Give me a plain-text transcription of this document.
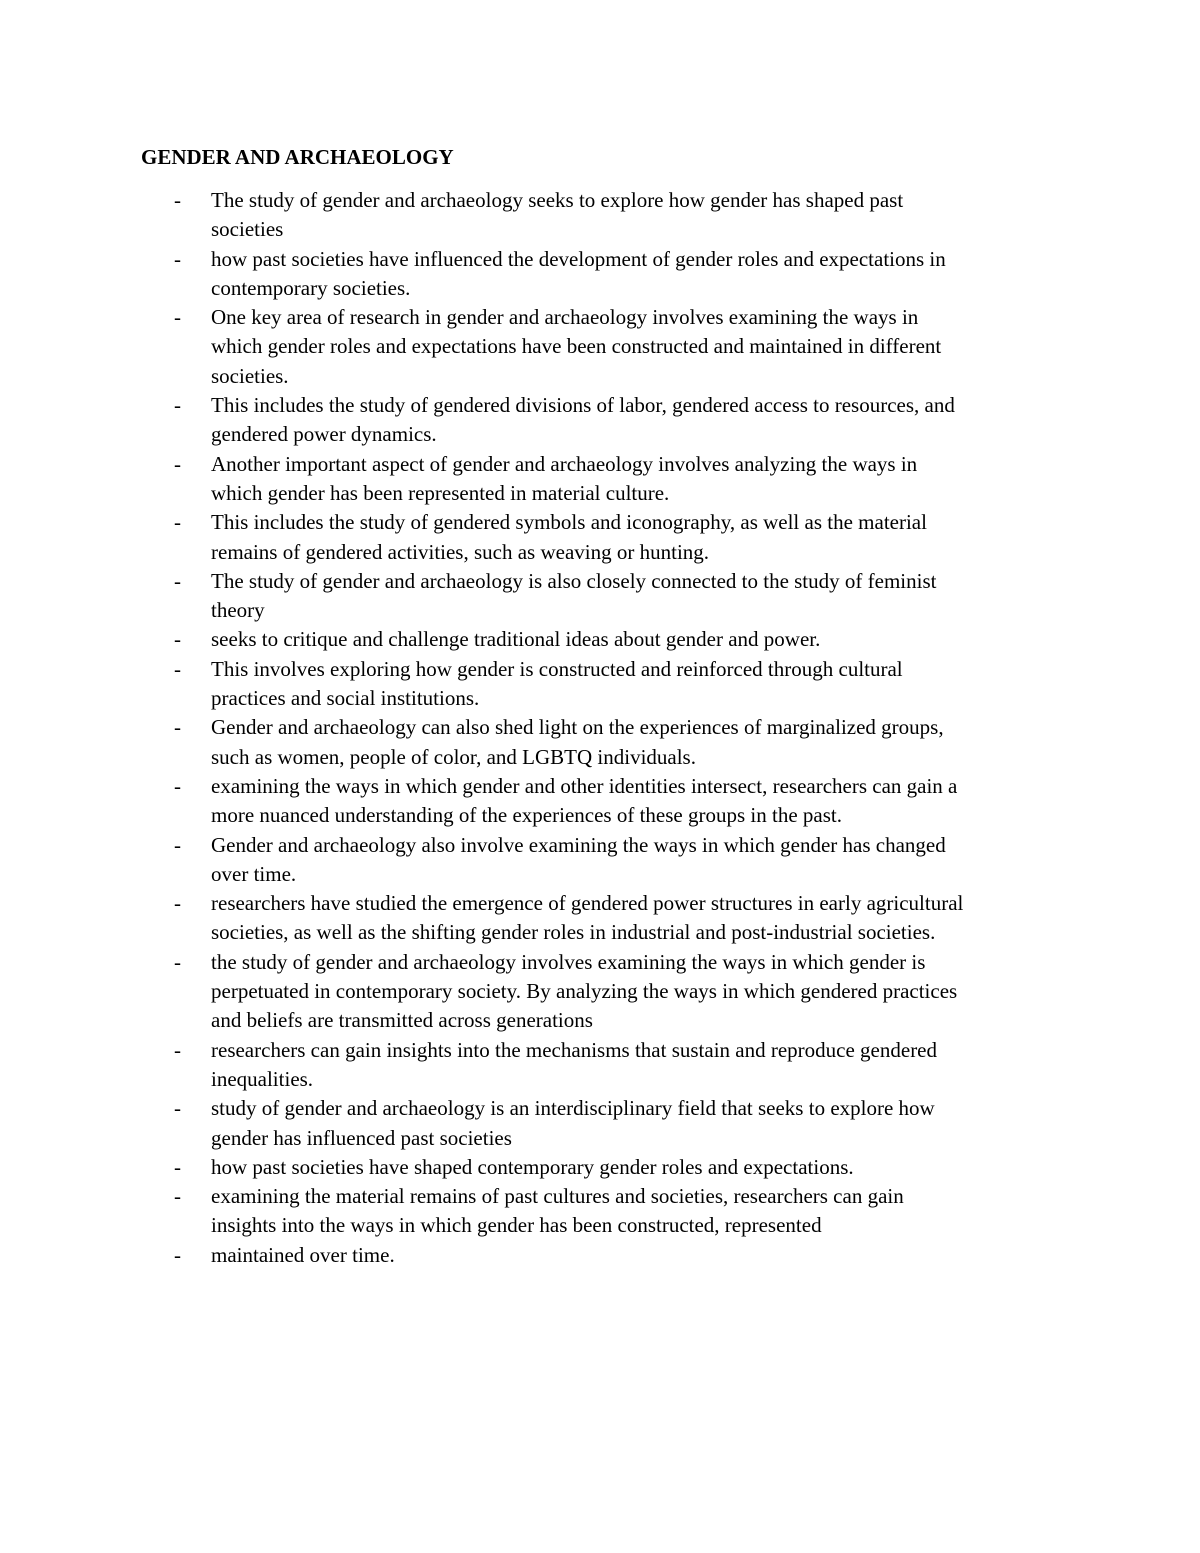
GENDER AND ARCHAEOLOGY
-	The study of gender and archaeology seeks to explore how gender has shaped past
societies
-	how past societies have influenced the development of gender roles and expectations in
contemporary societies.
-	One key area of research in gender and archaeology involves examining the ways in
which gender roles and expectations have been constructed and maintained in different
societies.
-	This includes the study of gendered divisions of labor, gendered access to resources, and
gendered power dynamics.
-	Another important aspect of gender and archaeology involves analyzing the ways in
which gender has been represented in material culture.
-	This includes the study of gendered symbols and iconography, as well as the material
remains of gendered activities, such as weaving or hunting.
-	The study of gender and archaeology is also closely connected to the study of feminist
theory
-	seeks to critique and challenge traditional ideas about gender and power.
-	This involves exploring how gender is constructed and reinforced through cultural
practices and social institutions.
-	Gender and archaeology can also shed light on the experiences of marginalized groups,
such as women, people of color, and LGBTQ individuals.
-	examining the ways in which gender and other identities intersect, researchers can gain a
more nuanced understanding of the experiences of these groups in the past.
-	Gender and archaeology also involve examining the ways in which gender has changed
over time.
-	researchers have studied the emergence of gendered power structures in early agricultural
societies, as well as the shifting gender roles in industrial and post-industrial societies.
-	the study of gender and archaeology involves examining the ways in which gender is
perpetuated in contemporary society. By analyzing the ways in which gendered practices
and beliefs are transmitted across generations
-	researchers can gain insights into the mechanisms that sustain and reproduce gendered
inequalities.
-	study of gender and archaeology is an interdisciplinary field that seeks to explore how
gender has influenced past societies
-	how past societies have shaped contemporary gender roles and expectations.
-	examining the material remains of past cultures and societies, researchers can gain
insights into the ways in which gender has been constructed, represented
-	maintained over time.
